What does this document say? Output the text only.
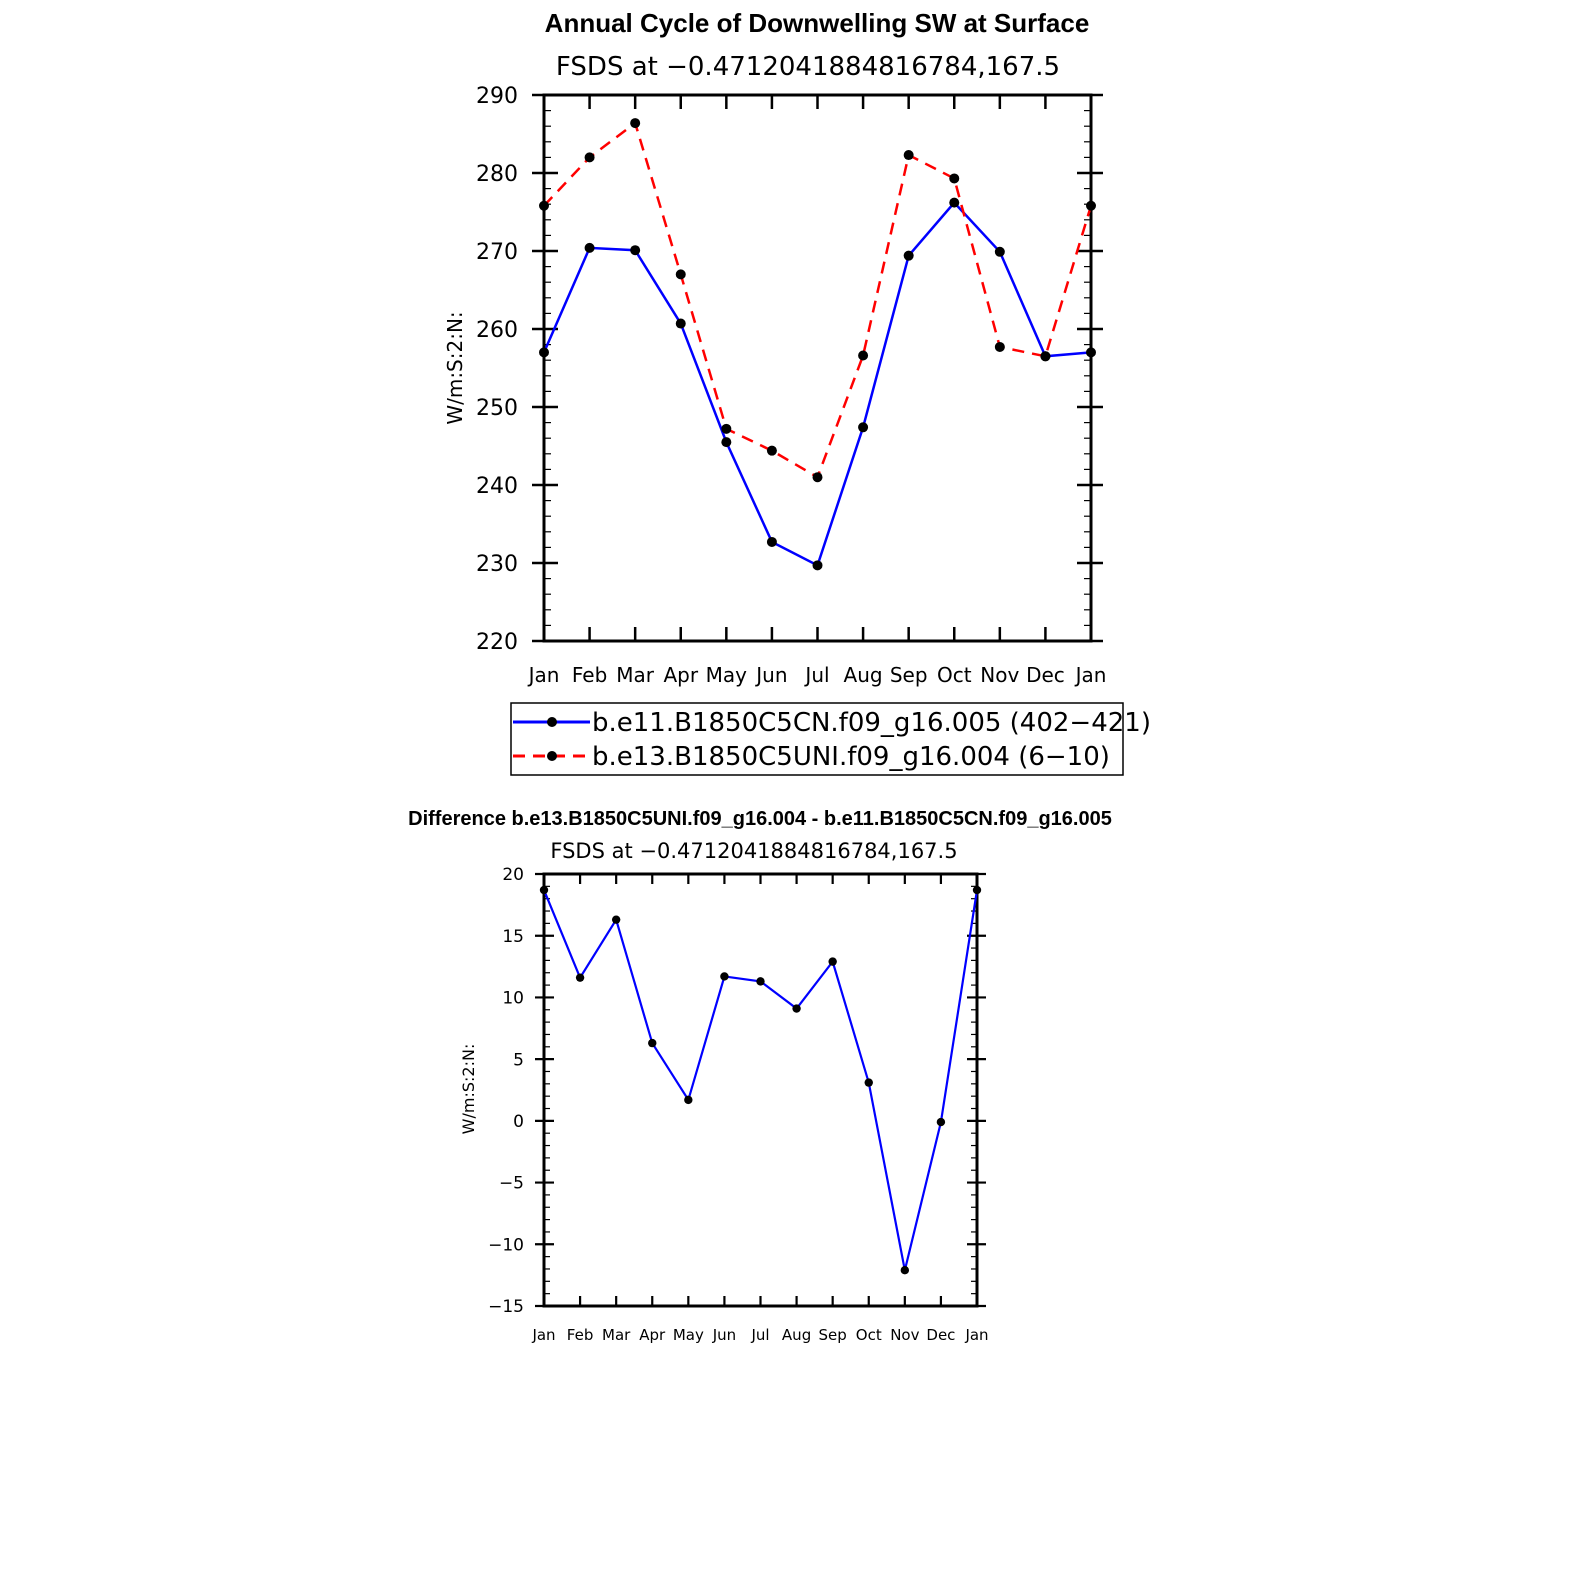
Annual Cycle of Downwelling SW at Surface
FSDS at −0.4712041884816784,167.5
W/m:S:2:N:
Jan Feb Mar Apr May Jun Jul Aug Sep Oct Nov Dec Jan
290
280
270
260
250
240
230
220
b.e11.B1850C5CN.f09_g16.005 (402−421)
b.e13.B1850C5UNI.f09_g16.004 (6−10)
Difference b.e13.B1850C5UNI.f09_g16.004 - b.e11.B1850C5CN.f09_g16.005
FSDS at −0.4712041884816784,167.5
W/m:S:2:N:
Jan Feb Mar Apr May Jun Jul Aug Sep Oct Nov Dec Jan
20
15
10
5
0
−5
−10
−15
